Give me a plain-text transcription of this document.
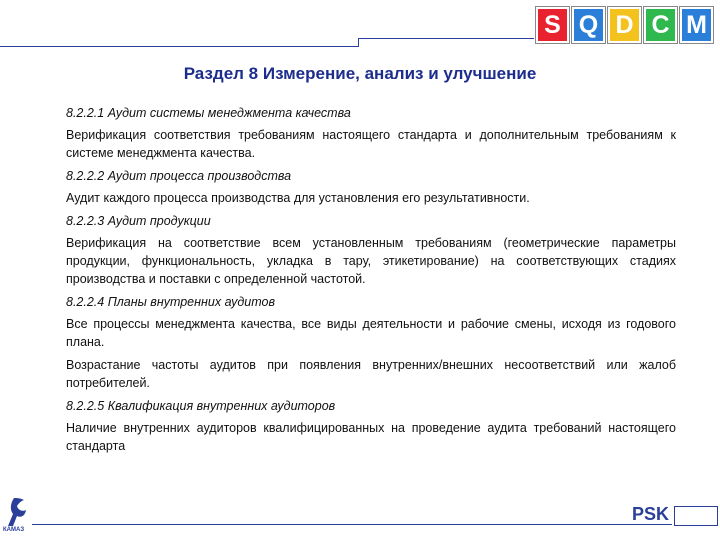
S Q D C M
Раздел 8 Измерение, анализ и улучшение
8.2.2.1 Аудит системы менеджмента качества
Верификация соответствия требованиям настоящего стандарта и дополнительным требованиям к системе менеджмента качества.
8.2.2.2 Аудит процесса производства
Аудит каждого процесса производства для установления его результативности.
8.2.2.3 Аудит продукции
Верификация на соответствие всем установленным требованиям (геометрические параметры продукции, функциональность, укладка в тару, этикетирование) на соответствующих стадиях производства и поставки с определенной частотой.
8.2.2.4 Планы внутренних аудитов
Все процессы менеджмента качества, все виды деятельности и рабочие смены, исходя из годового плана.
Возрастание частоты аудитов при появления внутренних/внешних несоответствий или жалоб потребителей.
8.2.2.5 Квалификация внутренних аудиторов
Наличие внутренних аудиторов квалифицированных на проведение аудита требований настоящего стандарта
КАМАЗ
PSK
